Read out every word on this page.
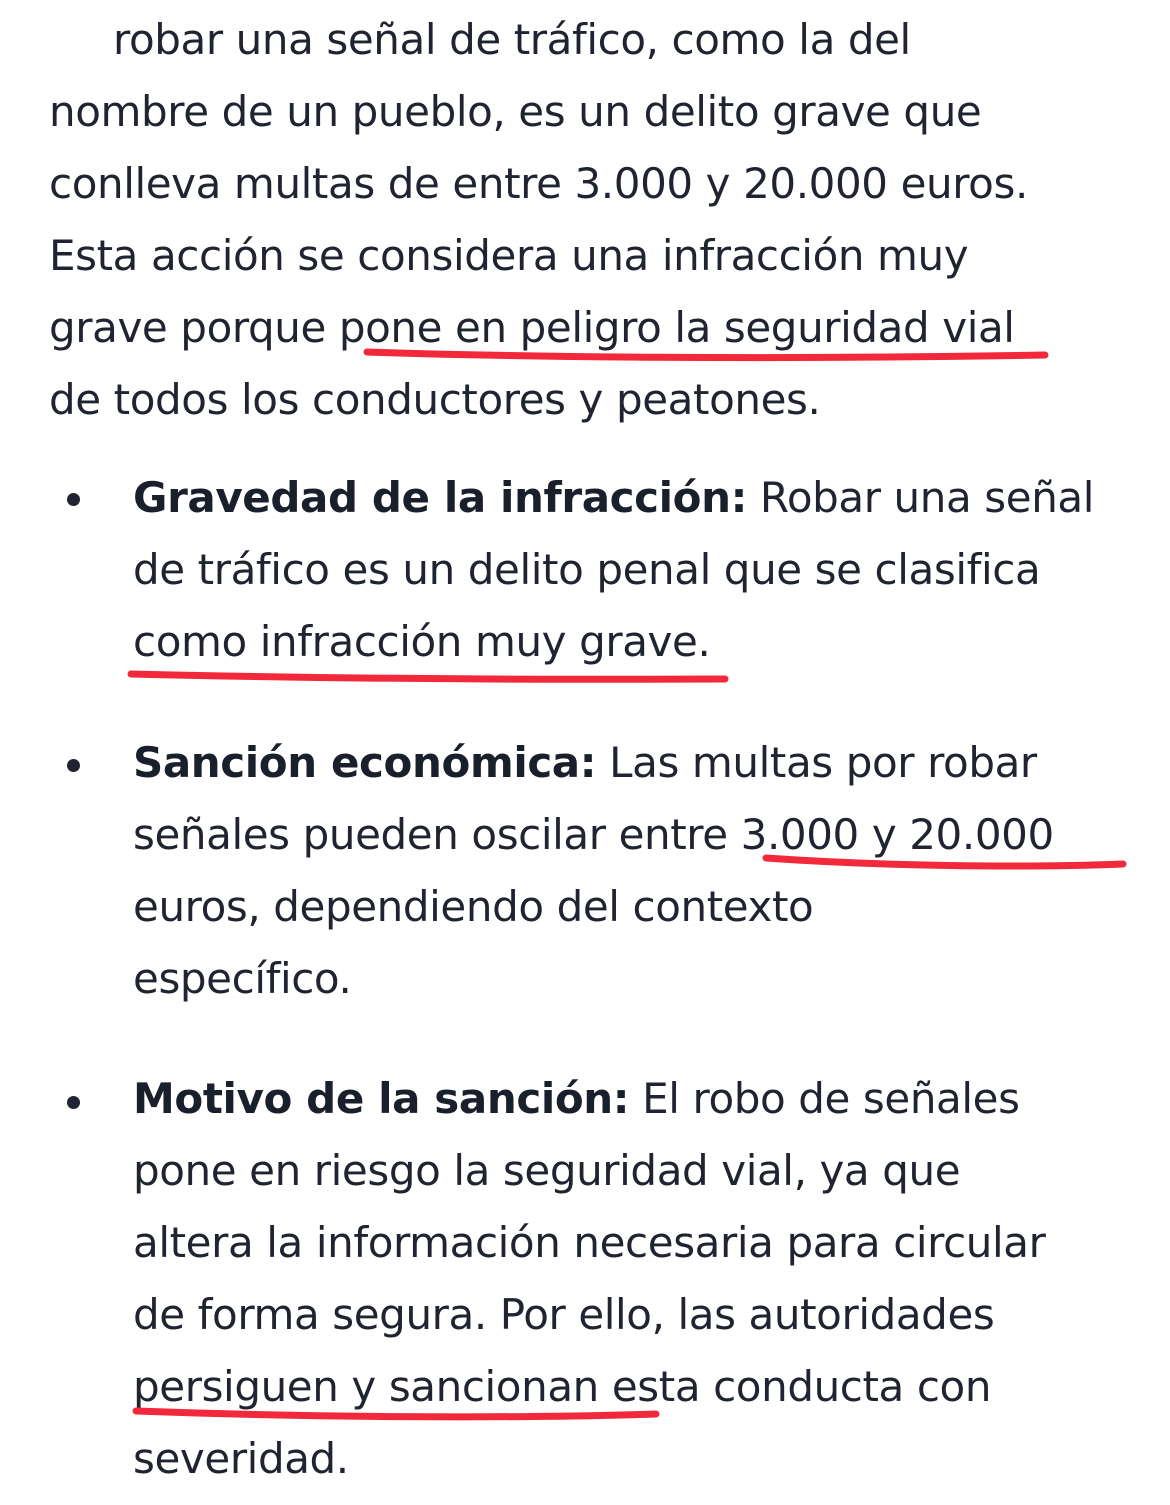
robar una señal de tráfico, como la del
nombre de un pueblo, es un delito grave que
conlleva multas de entre 3.000 y 20.000 euros.
Esta acción se considera una infracción muy
grave porque pone en peligro la seguridad vial
de todos los conductores y peatones.
Gravedad de la infracción: Robar una señal
de tráfico es un delito penal que se clasifica
como infracción muy grave.
Sanción económica: Las multas por robar
señales pueden oscilar entre 3.000 y 20.000
euros, dependiendo del contexto
específico.
Motivo de la sanción: El robo de señales
pone en riesgo la seguridad vial, ya que
altera la información necesaria para circular
de forma segura. Por ello, las autoridades
persiguen y sancionan esta conducta con
severidad.
